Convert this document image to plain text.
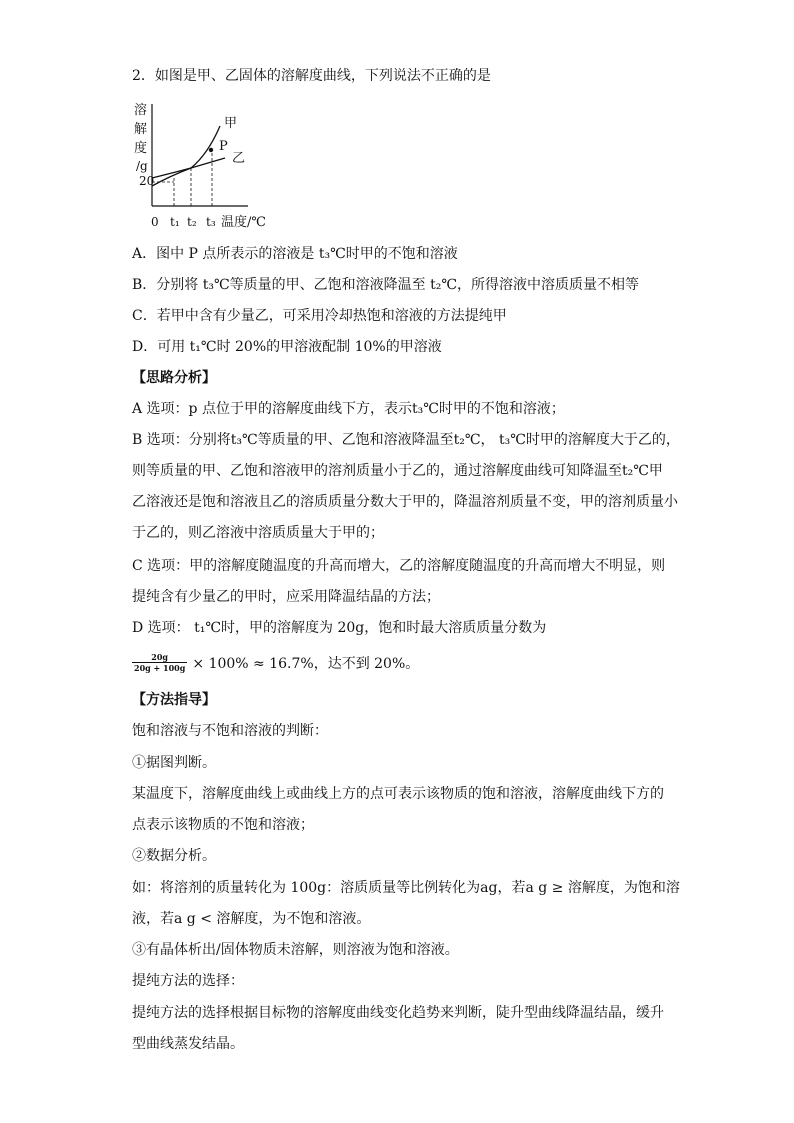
2．如图是甲、乙固体的溶解度曲线，下列说法不正确的是
溶
解
度
/g
20
P
甲
乙
0 t₁ t₂ t₃ 温度/℃
A．图中 P 点所表示的溶液是 t₃℃时甲的不饱和溶液
B．分别将 t₃℃等质量的甲、乙饱和溶液降温至 t₂℃，所得溶液中溶质质量不相等
C．若甲中含有少量乙，可采用冷却热饱和溶液的方法提纯甲
D．可用 t₁℃时 20%的甲溶液配制 10%的甲溶液
【思路分析】
A 选项：p 点位于甲的溶解度曲线下方，表示t₃℃时甲的不饱和溶液；
B 选项：分别将t₃℃等质量的甲、乙饱和溶液降温至t₂℃， t₃℃时甲的溶解度大于乙的，
则等质量的甲、乙饱和溶液甲的溶剂质量小于乙的，通过溶解度曲线可知降温至t₂℃甲
乙溶液还是饱和溶液且乙的溶质质量分数大于甲的，降温溶剂质量不变，甲的溶剂质量小
于乙的，则乙溶液中溶质质量大于甲的；
C 选项：甲的溶解度随温度的升高而增大，乙的溶解度随温度的升高而增大不明显，则
提纯含有少量乙的甲时，应采用降温结晶的方法；
D 选项： t₁℃时，甲的溶解度为 20g，饱和时最大溶质质量分数为
$\frac{20g}{20g + 100g} \times 100\% \approx 16.7\%$，达不到 20%。
【方法指导】
饱和溶液与不饱和溶液的判断：
①据图判断。
某温度下，溶解度曲线上或曲线上方的点可表示该物质的饱和溶液，溶解度曲线下方的
点表示该物质的不饱和溶液；
②数据分析。
如：将溶剂的质量转化为 100g：溶质质量等比例转化为ag，若a g ≥ 溶解度，为饱和溶
液，若a g < 溶解度，为不饱和溶液。
③有晶体析出/固体物质未溶解，则溶液为饱和溶液。
提纯方法的选择：
提纯方法的选择根据目标物的溶解度曲线变化趋势来判断，陡升型曲线降温结晶，缓升
型曲线蒸发结晶。
